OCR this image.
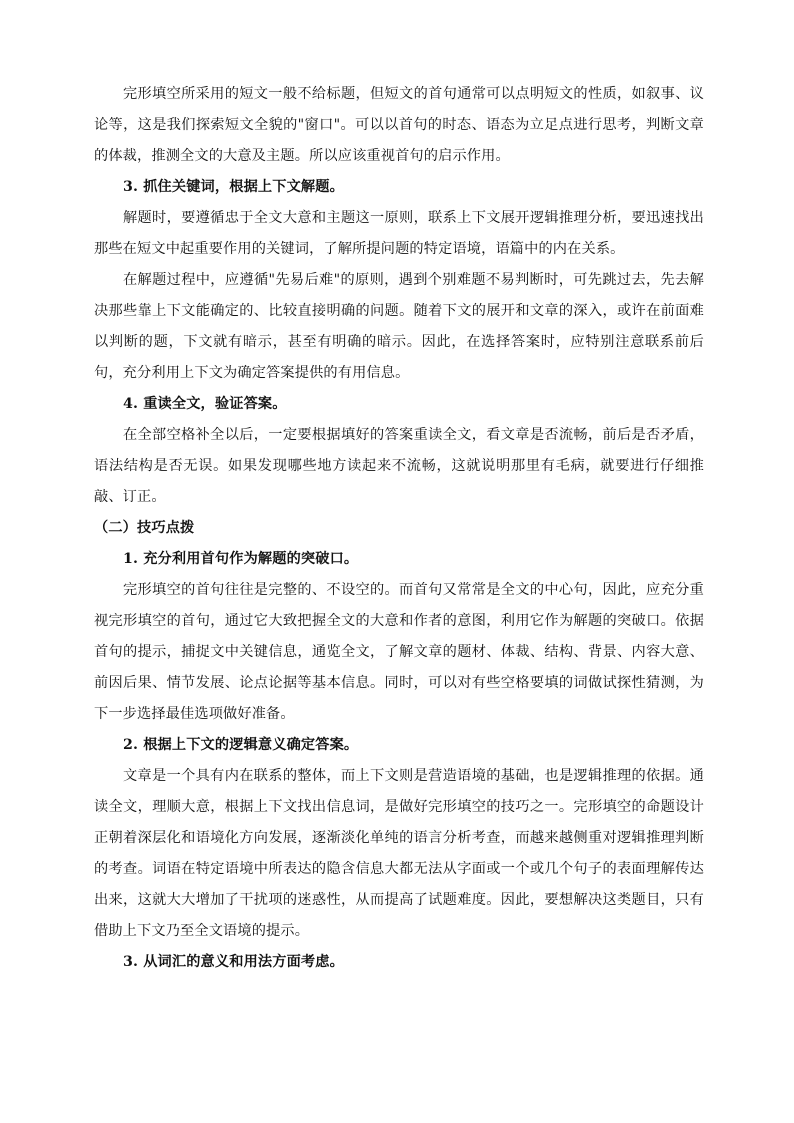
完形填空所采用的短文一般不给标题，但短文的首句通常可以点明短文的性质，如叙事、议论等，这是我们探索短文全貌的"窗口"。可以以首句的时态、语态为立足点进行思考，判断文章的体裁，推测全文的大意及主题。所以应该重视首句的启示作用。

3. 抓住关键词，根据上下文解题。

解题时，要遵循忠于全文大意和主题这一原则，联系上下文展开逻辑推理分析，要迅速找出那些在短文中起重要作用的关键词，了解所提问题的特定语境，语篇中的内在关系。

在解题过程中，应遵循"先易后难"的原则，遇到个别难题不易判断时，可先跳过去，先去解决那些靠上下文能确定的、比较直接明确的问题。随着下文的展开和文章的深入，或许在前面难以判断的题，下文就有暗示，甚至有明确的暗示。因此，在选择答案时，应特别注意联系前后句，充分利用上下文为确定答案提供的有用信息。

4. 重读全文，验证答案。

在全部空格补全以后，一定要根据填好的答案重读全文，看文章是否流畅，前后是否矛盾，语法结构是否无误。如果发现哪些地方读起来不流畅，这就说明那里有毛病，就要进行仔细推敲、订正。

（二）技巧点拨

1. 充分利用首句作为解题的突破口。

完形填空的首句往往是完整的、不设空的。而首句又常常是全文的中心句，因此，应充分重视完形填空的首句，通过它大致把握全文的大意和作者的意图，利用它作为解题的突破口。依据首句的提示，捕捉文中关键信息，通览全文，了解文章的题材、体裁、结构、背景、内容大意、前因后果、情节发展、论点论据等基本信息。同时，可以对有些空格要填的词做试探性猜测，为下一步选择最佳选项做好准备。

2. 根据上下文的逻辑意义确定答案。

文章是一个具有内在联系的整体，而上下文则是营造语境的基础，也是逻辑推理的依据。通读全文，理顺大意，根据上下文找出信息词，是做好完形填空的技巧之一。完形填空的命题设计正朝着深层化和语境化方向发展，逐渐淡化单纯的语言分析考查，而越来越侧重对逻辑推理判断的考查。词语在特定语境中所表达的隐含信息大都无法从字面或一个或几个句子的表面理解传达出来，这就大大增加了干扰项的迷惑性，从而提高了试题难度。因此，要想解决这类题目，只有借助上下文乃至全文语境的提示。

3. 从词汇的意义和用法方面考虑。
